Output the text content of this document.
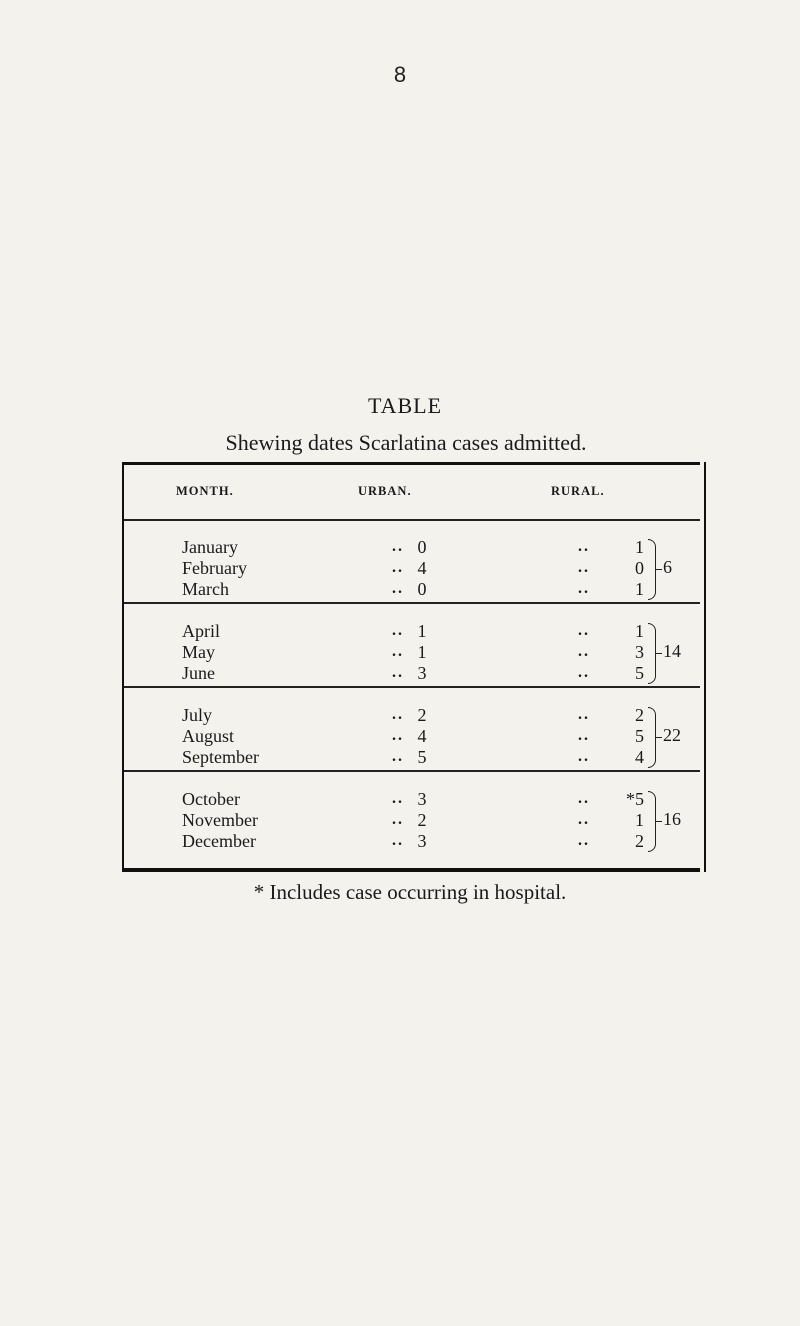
8
TABLE
Shewing dates Scarlatina cases admitted.
MONTH.	URBAN.	RURAL.
January	.. 0	..	1
February	.. 4	..	0
March	.. 0	..	1
6
April	.. 1	..	1
May	.. 1	..	3
June	.. 3	..	5
14
July	.. 2	..	2
August	.. 4	..	5
September	.. 5	..	4
22
October	.. 3	..	*5
November	.. 2	..	1
December	.. 3	..	2
16
* Includes case occurring in hospital.
